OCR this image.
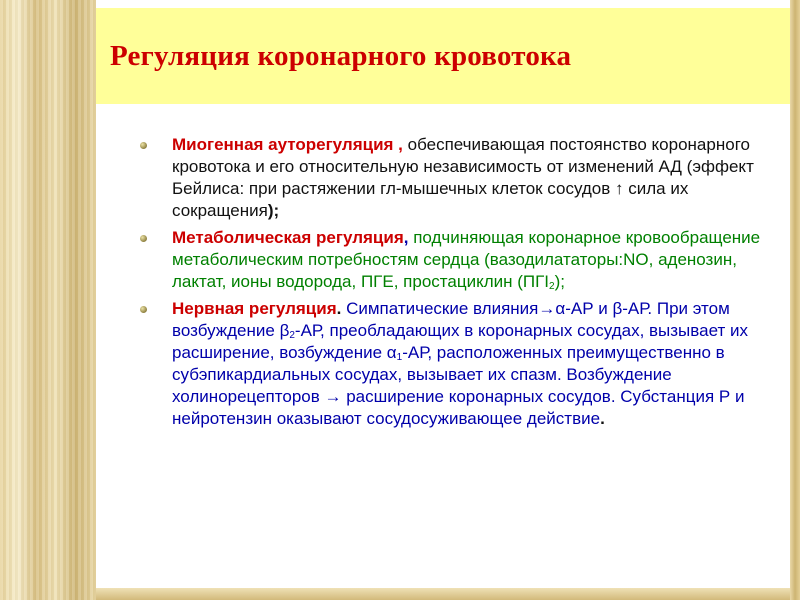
Регуляция коронарного кровотока
Миогенная ауторегуляция , обеспечивающая постоянство коронарного кровотока и его относительную независимость от изменений АД (эффект Бейлиса: при растяжении гл-мышечных клеток сосудов ↑ сила их сокращения);
Метаболическая регуляция, подчиняющая коронарное кровообращение метаболическим потребностям сердца (вазодилататоры:NO, аденозин, лактат, ионы водорода, ПГЕ, простациклин $(ПГI_2)$;
Нервная регуляция. Симпатические влияния→α-АР и β-АР. При этом возбуждение $\beta_2-АР$, преобладающих в коронарных сосудах, вызывает их расширение, возбуждение $\alpha_1-АР$, расположенных преимущественно в субэпикардиальных сосудах, вызывает их спазм. Возбуждение холинорецепторов → расширение коронарных сосудов. Субстанция Р и нейротензин оказывают сосудосуживающее действие.
